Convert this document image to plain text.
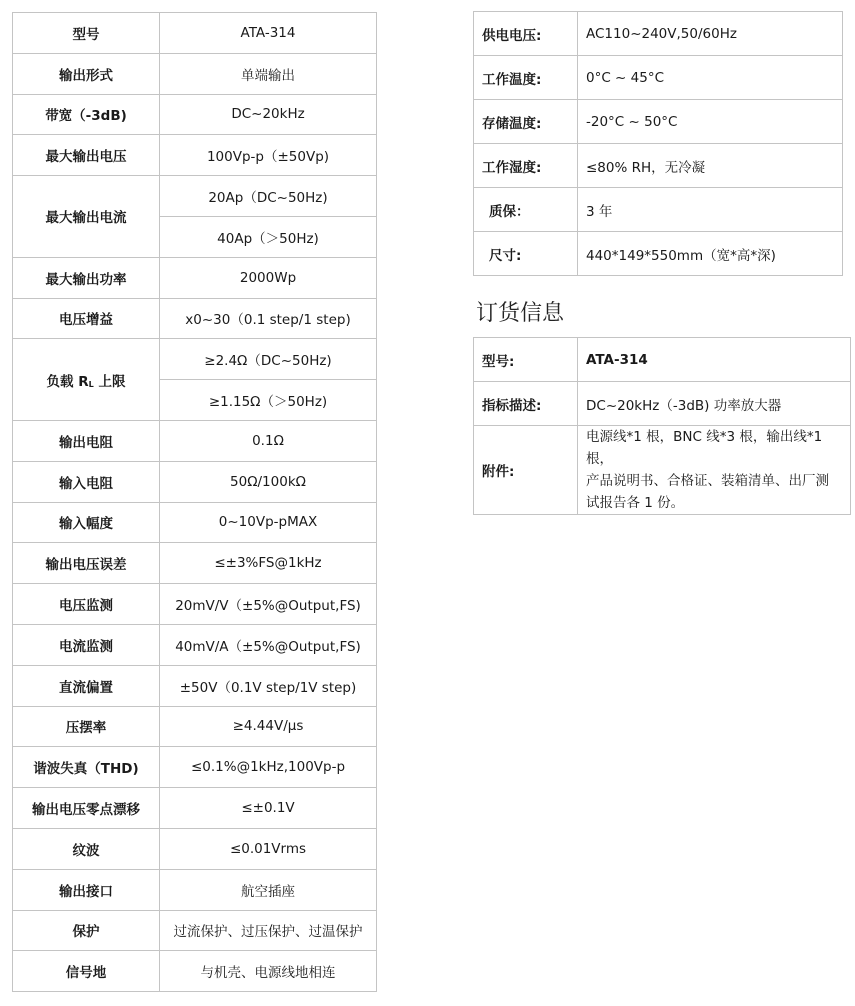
型号	ATA-314
输出形式	单端输出
带宽（-3dB)	DC~20kHz
最大输出电压	100Vp-p（±50Vp)
最大输出电流	20Ap（DC~50Hz)
	40Ap（＞50Hz)
最大输出功率	2000Wp
电压增益	x0~30（0.1 step/1 step)
负载 $R_L$ 上限	≥2.4Ω（DC~50Hz)
	≥1.15Ω（＞50Hz)
输出电阻	0.1Ω
输入电阻	50Ω/100kΩ
输入幅度	0~10Vp-pMAX
输出电压误差	≤±3%FS@1kHz
电压监测	20mV/V（±5%@Output,FS)
电流监测	40mV/A（±5%@Output,FS)
直流偏置	±50V（0.1V step/1V step)
压摆率	≥4.44V/μs
谐波失真（THD)	≤0.1%@1kHz,100Vp-p
输出电压零点漂移	≤±0.1V
纹波	≤0.01Vrms
输出接口	航空插座
保护	过流保护、过压保护、过温保护
信号地	与机壳、电源线地相连
供电电压:	AC110~240V,50/60Hz
工作温度:	0°C ~ 45°C
存储温度:	-20°C ~ 50°C
工作湿度:	≤80% RH，无冷凝
质保：	3 年
尺寸:	440*149*550mm（宽*高*深)
订货信息
型号:	ATA-314
指标描述:	DC~20kHz（-3dB) 功率放大器
附件:	电源线*1 根，BNC 线*3 根，输出线*1 根，
产品说明书、合格证、装箱清单、出厂测
试报告各 1 份。
